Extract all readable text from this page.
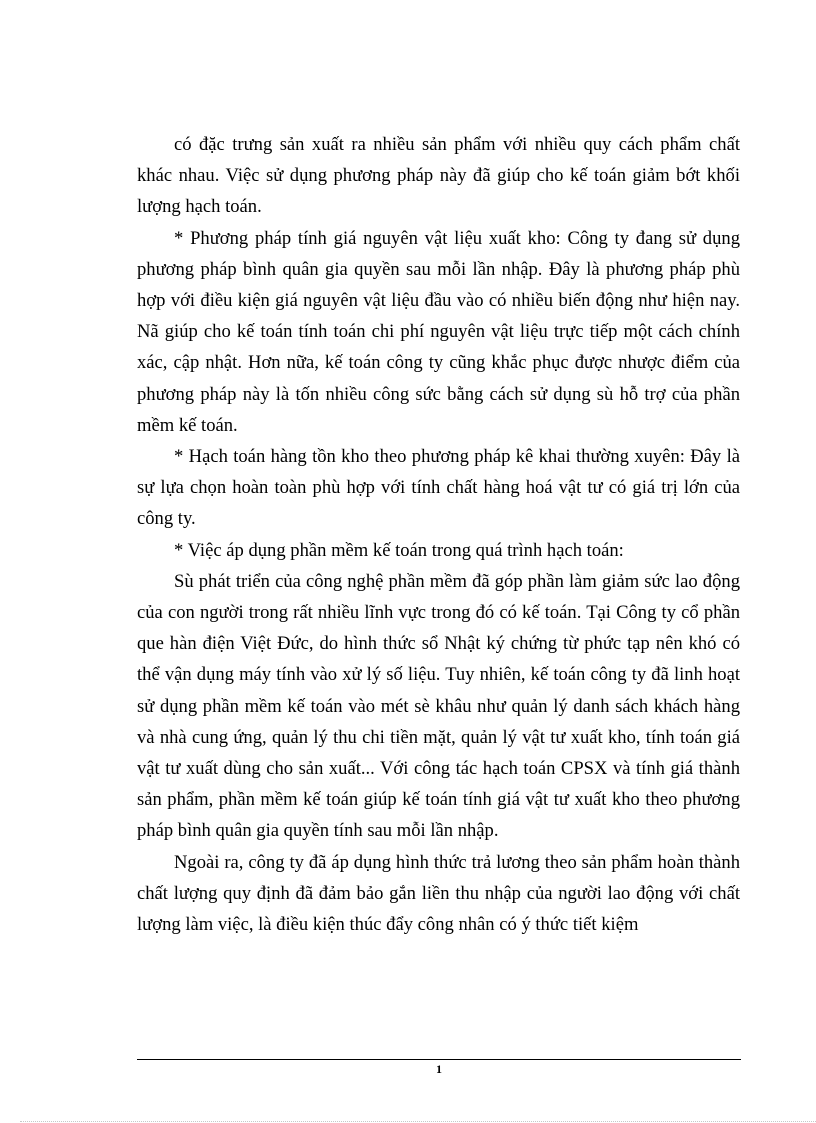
có đặc trưng sản xuất ra nhiều sản phẩm với nhiều quy cách phẩm chất khác nhau. Việc sử dụng phương pháp này đã giúp cho kế toán giảm bớt khối lượng hạch toán.

* Phương pháp tính giá nguyên vật liệu xuất kho: Công ty đang sử dụng phương pháp bình quân gia quyền sau mỗi lần nhập. Đây là phương pháp phù hợp với điều kiện giá nguyên vật liệu đầu vào có nhiều biến động như hiện nay. Nã giúp cho kế toán tính toán chi phí nguyên vật liệu trực tiếp một cách chính xác, cập nhật. Hơn nữa, kế toán công ty cũng khắc phục được nhược điểm của phương pháp này là tốn nhiều công sức bằng cách sử dụng sù hỗ trợ của phần mềm kế toán.

* Hạch toán hàng tồn kho theo phương pháp kê khai thường xuyên: Đây là sự lựa chọn hoàn toàn phù hợp với tính chất hàng hoá vật tư có giá trị lớn của công ty.

* Việc áp dụng phần mềm kế toán trong quá trình hạch toán:

Sù phát triển của công nghệ phần mềm đã góp phần làm giảm sức lao động của con người trong rất nhiều lĩnh vực trong đó có kế toán. Tại Công ty cổ phần que hàn điện Việt Đức, do hình thức sổ Nhật ký chứng từ phức tạp nên khó có thể vận dụng máy tính vào xử lý số liệu. Tuy nhiên, kế toán công ty đã linh hoạt sử dụng phần mềm kế toán vào mét sè khâu như quản lý danh sách khách hàng và nhà cung ứng, quản lý thu chi tiền mặt, quản lý vật tư xuất kho, tính toán giá vật tư xuất dùng cho sản xuất... Với công tác hạch toán CPSX và tính giá thành sản phẩm, phần mềm kế toán giúp kế toán tính giá vật tư xuất kho theo phương pháp bình quân gia quyền tính sau mỗi lần nhập.

Ngoài ra, công ty đã áp dụng hình thức trả lương theo sản phẩm hoàn thành chất lượng quy định đã đảm bảo gắn liền thu nhập của người lao động với chất lượng làm việc, là điều kiện thúc đẩy công nhân có ý thức tiết kiệm

1
